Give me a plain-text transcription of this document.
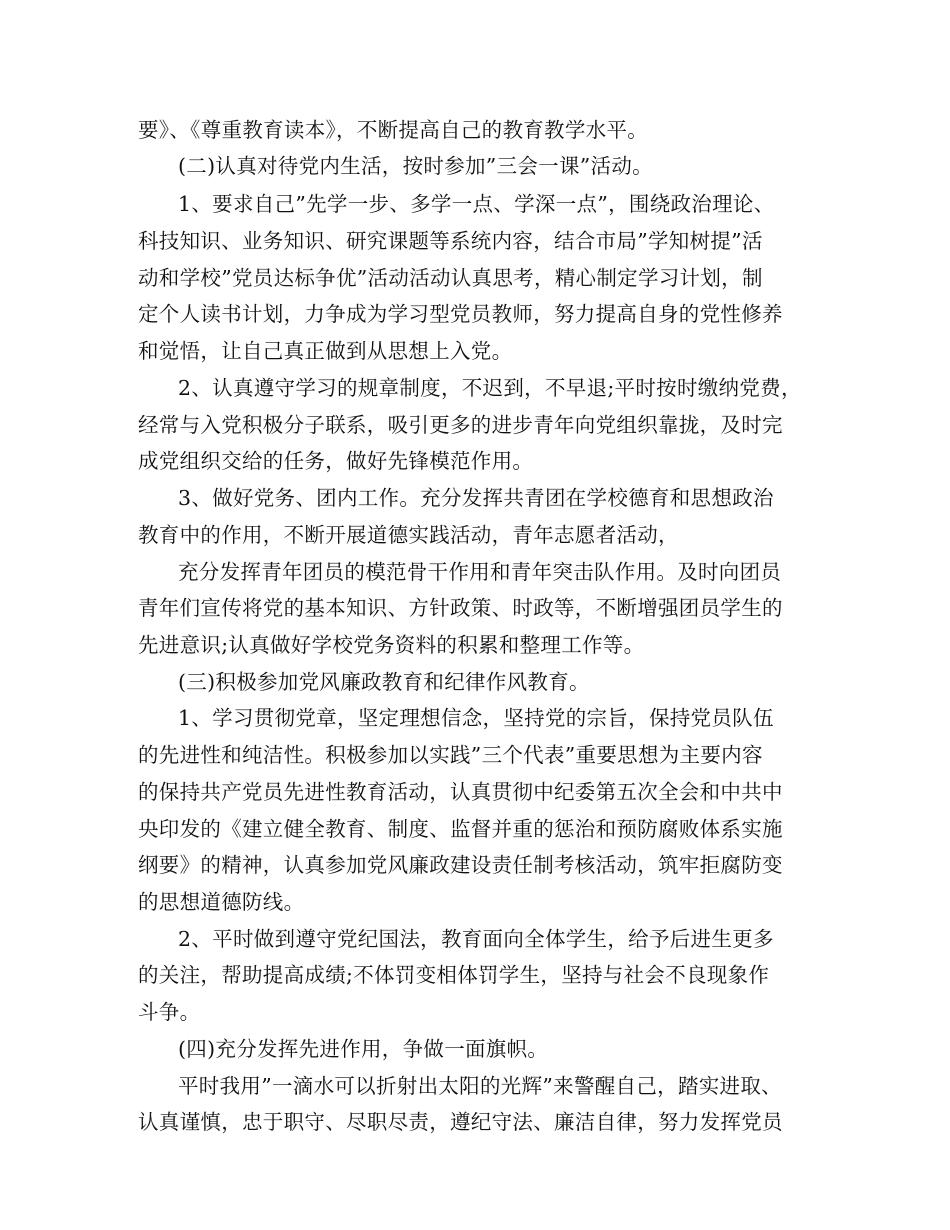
要》、《尊重教育读本》，不断提高自己的教育教学水平。
(二)认真对待党内生活，按时参加”三会一课”活动。
1、要求自己”先学一步、多学一点、学深一点”，围绕政治理论、
科技知识、业务知识、研究课题等系统内容，结合市局”学知树提”活
动和学校”党员达标争优”活动活动认真思考，精心制定学习计划，制
定个人读书计划，力争成为学习型党员教师，努力提高自身的党性修养
和觉悟，让自己真正做到从思想上入党。
2、认真遵守学习的规章制度，不迟到，不早退;平时按时缴纳党费，
经常与入党积极分子联系，吸引更多的进步青年向党组织靠拢，及时完
成党组织交给的任务，做好先锋模范作用。
3、做好党务、团内工作。充分发挥共青团在学校德育和思想政治
教育中的作用，不断开展道德实践活动，青年志愿者活动，
充分发挥青年团员的模范骨干作用和青年突击队作用。及时向团员
青年们宣传将党的基本知识、方针政策、时政等，不断增强团员学生的
先进意识;认真做好学校党务资料的积累和整理工作等。
(三)积极参加党风廉政教育和纪律作风教育。
1、学习贯彻党章，坚定理想信念，坚持党的宗旨，保持党员队伍
的先进性和纯洁性。积极参加以实践”三个代表”重要思想为主要内容
的保持共产党员先进性教育活动，认真贯彻中纪委第五次全会和中共中
央印发的《建立健全教育、制度、监督并重的惩治和预防腐败体系实施
纲要》的精神，认真参加党风廉政建设责任制考核活动，筑牢拒腐防变
的思想道德防线。
2、平时做到遵守党纪国法，教育面向全体学生，给予后进生更多
的关注，帮助提高成绩;不体罚变相体罚学生，坚持与社会不良现象作
斗争。
(四)充分发挥先进作用，争做一面旗帜。
平时我用”一滴水可以折射出太阳的光辉”来警醒自己，踏实进取、
认真谨慎，忠于职守、尽职尽责，遵纪守法、廉洁自律，努力发挥党员
